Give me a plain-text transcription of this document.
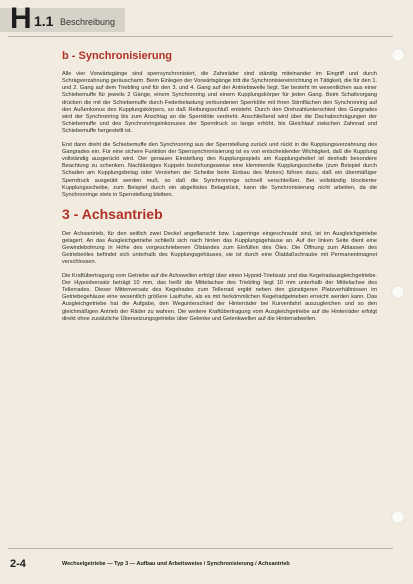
H 1.1 Beschreibung
b - Synchronisierung

Alle vier Vorwärtsgänge sind sperrsynchronisiert, die Zahnräder sind ständig miteinander im Eingriff und durch Schrägverzahnung geräuscharm. Beim Einlegen der Vorwärtsgänge tritt die Synchronisiereinrichtung in Tätigkeit, die für den 1. und 2. Gang auf dem Triebling und für den 3. und 4. Gang auf der Antriebswelle liegt. Sie besteht im wesentlichen aus einer Schiebemuffe für jeweils 2 Gänge, einem Synchronring und einem Kupplungskörper für jeden Gang. Beim Schaltvorgang drücken die mit der Schiebemuffe durch Federbelastung verbundenen Sperrklöte mit ihren Stirnflächen den Synchronring auf den Außenkonus des Kupplungskörpers, so daß Reibungsschluß entsteht. Durch den Drehzahlunterschied des Gangrades wird der Synchronring bis zum Anschlag an die Sperrklöte verdreht. Anschließend wird über die Dachabschrägungen der Schiebemuffe und des Synchronringsinkonuses der Sperrdruck so lange erhöht, bis Gleichlauf zwischen Zahnrad und Schiebemuffe hergestellt ist.

Erst dann dreht die Schiebemuffe den Synchronring aus der Sperrstellung zurück und rückt in die Kupplungsverzahnung des Gangrades ein. Für eine sichere Funktion der Sperrsynchronisierung ist es von entscheidender Wichtigkeit, daß die Kupplung vollständig ausgerückt wird. Der genauen Einstellung des Kupplungsspiels am Kupplungshebel ist deshalb besondere Beachtung zu schenken. Nachlässiges Kuppeln beziehungsweise eine klemmende Kupplungsscheibe (zum Beispiel durch Schaden am Kupplungsbelag oder Verziehen der Scheibe beim Einbau des Motors) führen dazu, daß ein übermäßiger Sperrdruck ausgeübt werden muß, so daß die Synchronringe schnell verschleißen. Bei vollständig blockierter Kupplungsscheibe, zum Beispiel durch ein abgelöstes Belagstück, kann die Synchronisierung nicht arbeiten, da die Synchronringe stets in Sperrstellung bleiben.

3 - Achsantrieb

Der Achsantrieb, für den seitlich zwei Deckel angeflanscht bzw. Lagerringe eingeschraubt sind, ist im Ausgleichgetriebe gelagert. An das Ausgleichgetriebe schließt sich nach hinten das Kupplungsgehäuse an. Auf der linken Seite dient eine Gewindebohrung in Höhe des vorgeschriebenen Ölstandes zum Einfüllen des Öles. Die Öffnung zum Ablassen des Getriebeöles befindet sich unterhalb des Kupplungsgehäuses, sie ist durch eine Ölablaßschraube mit Permanentmagnet verschlossen.

Die Kraftübertragung vom Getriebe auf die Achswellen erfolgt über einen Hypoid-Triebsatz und das Kegelradausgleichgetriebe. Der Hypoidversatz beträgt 10 mm, das heißt die Mittelachse des Triebling liegt 10 mm unterhalb der Mittelachse des Tellerrades. Dieser Mittenversatz des Kegelrades zum Tellerrad ergibt neben den günstigeren Platzverhältnissen im Getriebegehäuse eine wesentlich größere Laufruhe, als es mit herkömmlichen Kegelradgetrieben erreicht werden kann. Das Ausgleichgetriebe hat die Aufgabe, den Wegunterschied der Hinterräder bei Kurvenfahrt auszugleichen und so den gleichmäßigen Antrieb der Räder zu wahren. Die weitere Kraftübertragung vom Ausgleichgetriebe auf die Hinterräder erfolgt direkt ohne zusätzliche Übersetzungsgetriebe über Gelenke und Gelenkwellen auf die Hinterradwellen.

2-4	Wechselgetriebe — Typ 3 — Aufbau und Arbeitsweise / Synchronisierung / Achsantrieb
